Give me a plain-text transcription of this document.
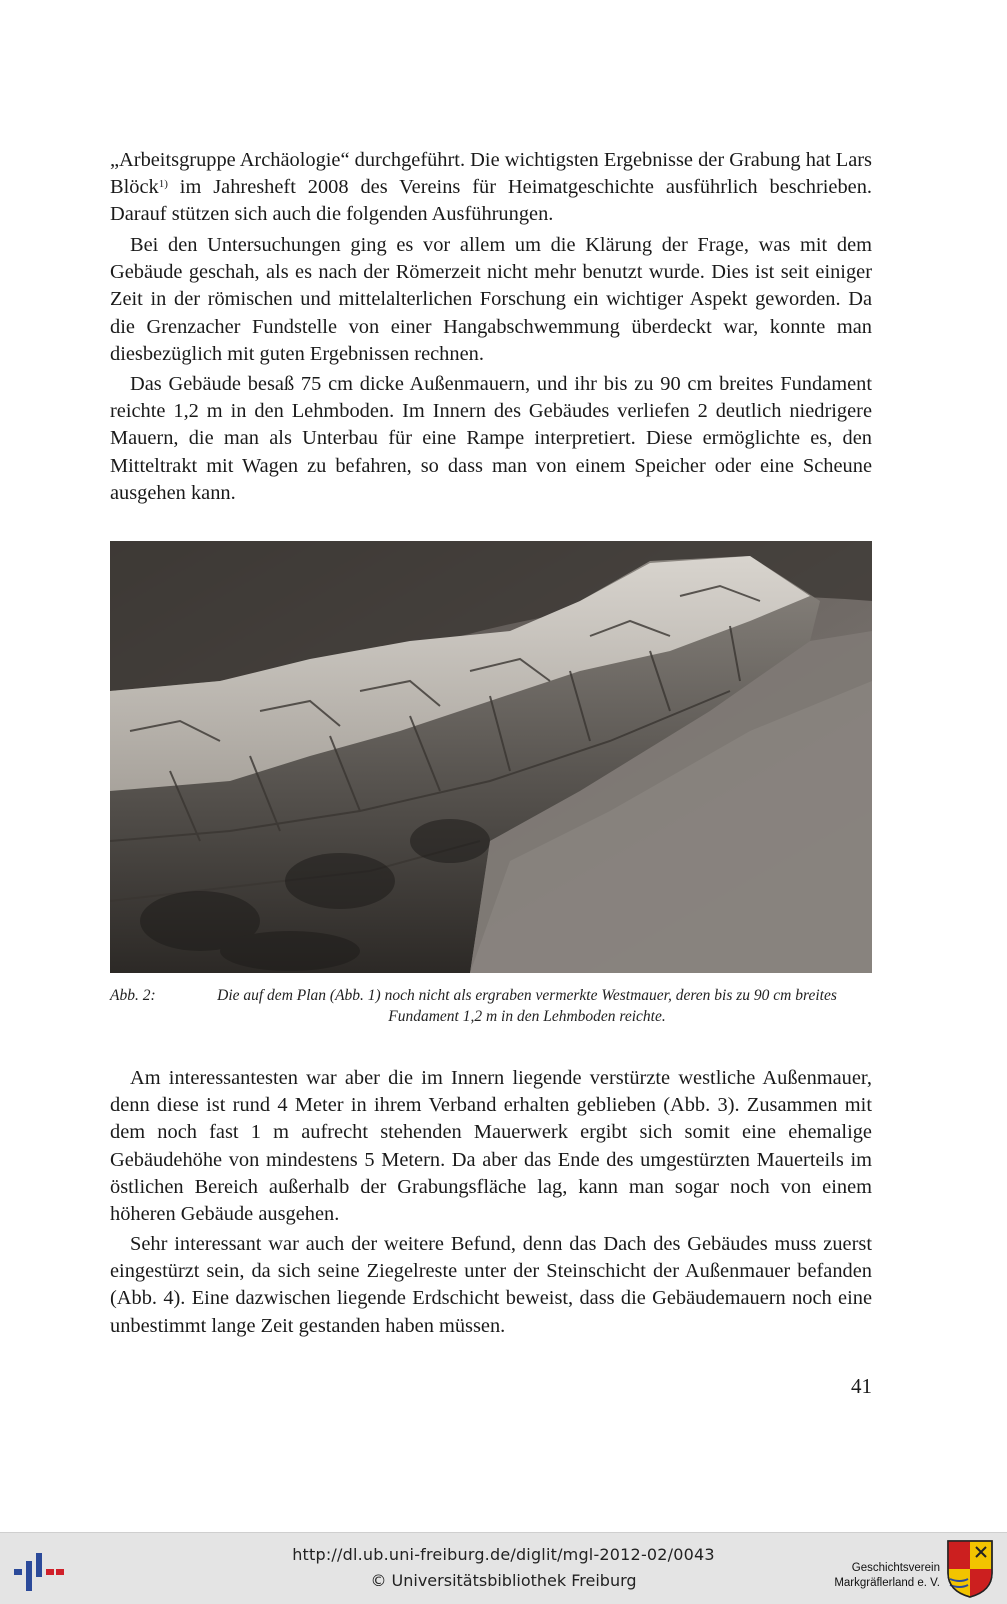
„Arbeitsgruppe Archäologie“ durchgeführt. Die wichtigsten Ergebnisse der Grabung hat Lars Blöck$^{1)}$ im Jahresheft 2008 des Vereins für Heimatgeschichte ausführlich beschrieben. Darauf stützen sich auch die folgenden Ausführungen.

Bei den Untersuchungen ging es vor allem um die Klärung der Frage, was mit dem Gebäude geschah, als es nach der Römerzeit nicht mehr benutzt wurde. Dies ist seit einiger Zeit in der römischen und mittelalterlichen Forschung ein wichtiger Aspekt geworden. Da die Grenzacher Fundstelle von einer Hangabschwemmung überdeckt war, konnte man diesbezüglich mit guten Ergebnissen rechnen.

Das Gebäude besaß 75 cm dicke Außenmauern, und ihr bis zu 90 cm breites Fundament reichte 1,2 m in den Lehmboden. Im Innern des Gebäudes verliefen 2 deutlich niedrigere Mauern, die man als Unterbau für eine Rampe interpretiert. Diese ermöglichte es, den Mitteltrakt mit Wagen zu befahren, so dass man von einem Speicher oder eine Scheune ausgehen kann.

Abb. 2:	Die auf dem Plan (Abb. 1) noch nicht als ergraben vermerkte Westmauer, deren bis zu 90 cm breites Fundament 1,2 m in den Lehmboden reichte.

Am interessantesten war aber die im Innern liegende verstürzte westliche Außenmauer, denn diese ist rund 4 Meter in ihrem Verband erhalten geblieben (Abb. 3). Zusammen mit dem noch fast 1 m aufrecht stehenden Mauerwerk ergibt sich somit eine ehemalige Gebäudehöhe von mindestens 5 Metern. Da aber das Ende des umgestürzten Mauerteils im östlichen Bereich außerhalb der Grabungsfläche lag, kann man sogar noch von einem höheren Gebäude ausgehen.

Sehr interessant war auch der weitere Befund, denn das Dach des Gebäudes muss zuerst eingestürzt sein, da sich seine Ziegelreste unter der Steinschicht der Außenmauer befanden (Abb. 4). Eine dazwischen liegende Erdschicht beweist, dass die Gebäudemauern noch eine unbestimmt lange Zeit gestanden haben müssen.

41
http://dl.ub.uni-freiburg.de/diglit/mgl-2012-02/0043
© Universitätsbibliothek Freiburg
Geschichtsverein
Markgräflerland e. V.
